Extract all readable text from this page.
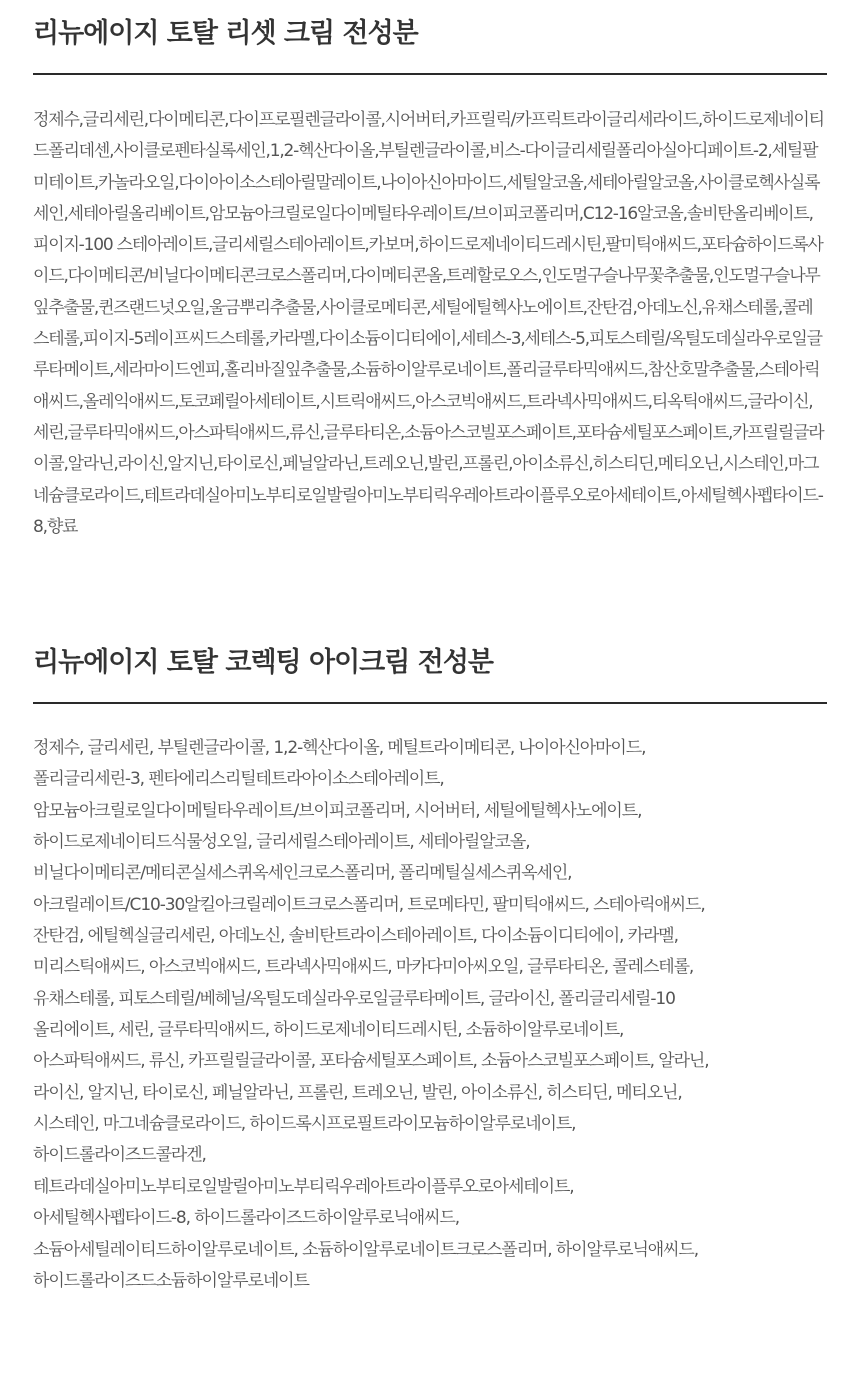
리뉴에이지 토탈 리셋 크림 전성분

정제수,글리세린,다이메티콘,다이프로필렌글라이콜,시어버터,카프릴릭/카프릭트라이글리세라이드,하이드로제네이티드폴리데센,사이클로펜타실록세인,1,2-헥산다이올,부틸렌글라이콜,비스-다이글리세릴폴리아실아디페이트-2,세틸팔미테이트,카놀라오일,다이아이소스테아릴말레이트,나이아신아마이드,세틸알코올,세테아릴알코올,사이클로헥사실록세인,세테아릴올리베이트,암모늄아크릴로일다이메틸타우레이트/브이피코폴리머,C12-16알코올,솔비탄올리베이트,피이지-100 스테아레이트,글리세릴스테아레이트,카보머,하이드로제네이티드레시틴,팔미틱애씨드,포타슘하이드록사이드,다이메티콘/비닐다이메티콘크로스폴리머,다이메티콘올,트레할로오스,인도멀구슬나무꽃추출물,인도멀구슬나무잎추출물,퀸즈랜드넛오일,울금뿌리추출물,사이클로메티콘,세틸에틸헥사노에이트,잔탄검,아데노신,유채스테롤,콜레스테롤,피이지-5레이프씨드스테롤,카라멜,다이소듐이디티에이,세테스-3,세테스-5,피토스테릴/옥틸도데실라우로일글루타메이트,세라마이드엔피,홀리바질잎추출물,소듐하이알루로네이트,폴리글루타믹애씨드,참산호말추출물,스테아릭애씨드,올레익애씨드,토코페릴아세테이트,시트릭애씨드,아스코빅애씨드,트라넥사믹애씨드,티옥틱애씨드,글라이신,세린,글루타믹애씨드,아스파틱애씨드,류신,글루타티온,소듐아스코빌포스페이트,포타슘세틸포스페이트,카프릴릴글라이콜,알라닌,라이신,알지닌,타이로신,페닐알라닌,트레오닌,발린,프롤린,아이소류신,히스티딘,메티오닌,시스테인,마그네슘클로라이드,테트라데실아미노부티로일발릴아미노부티릭우레아트라이플루오로아세테이트,아세틸헥사펩타이드-8,향료

리뉴에이지 토탈 코렉팅 아이크림 전성분
정제수, 글리세린, 부틸렌글라이콜, 1,2-헥산다이올, 메틸트라이메티콘, 나이아신아마이드,
폴리글리세린-3, 펜타에리스리틸테트라아이소스테아레이트,
암모늄아크릴로일다이메틸타우레이트/브이피코폴리머, 시어버터, 세틸에틸헥사노에이트,
하이드로제네이티드식물성오일, 글리세릴스테아레이트, 세테아릴알코올,
비닐다이메티콘/메티콘실세스퀴옥세인크로스폴리머, 폴리메틸실세스퀴옥세인,
아크릴레이트/C10-30알킬아크릴레이트크로스폴리머, 트로메타민, 팔미틱애씨드, 스테아릭애씨드,
잔탄검, 에틸헥실글리세린, 아데노신, 솔비탄트라이스테아레이트, 다이소듐이디티에이, 카라멜,
미리스틱애씨드, 아스코빅애씨드, 트라넥사믹애씨드, 마카다미아씨오일, 글루타티온, 콜레스테롤,
유채스테롤, 피토스테릴/베헤닐/옥틸도데실라우로일글루타메이트, 글라이신, 폴리글리세릴-10
올리에이트, 세린, 글루타믹애씨드, 하이드로제네이티드레시틴, 소듐하이알루로네이트,
아스파틱애씨드, 류신, 카프릴릴글라이콜, 포타슘세틸포스페이트, 소듐아스코빌포스페이트, 알라닌,
라이신, 알지닌, 타이로신, 페닐알라닌, 프롤린, 트레오닌, 발린, 아이소류신, 히스티딘, 메티오닌,
시스테인, 마그네슘클로라이드, 하이드록시프로필트라이모늄하이알루로네이트,
하이드롤라이즈드콜라겐,
테트라데실아미노부티로일발릴아미노부티릭우레아트라이플루오로아세테이트,
아세틸헥사펩타이드-8, 하이드롤라이즈드하이알루로닉애씨드,
소듐아세틸레이티드하이알루로네이트, 소듐하이알루로네이트크로스폴리머, 하이알루로닉애씨드,
하이드롤라이즈드소듐하이알루로네이트
